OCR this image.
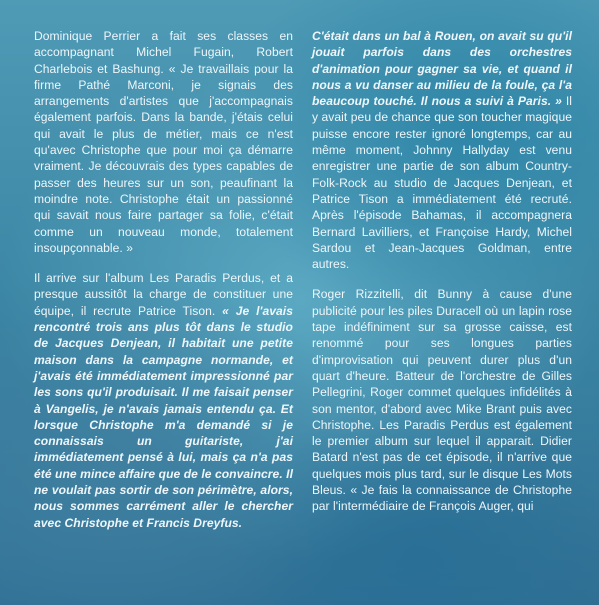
Dominique Perrier a fait ses classes en accompagnant Michel Fugain, Robert Charlebois et Bashung. « Je travaillais pour la firme Pathé Marconi, je signais des arrangements d'artistes que j'accompagnais également parfois. Dans la bande, j'étais celui qui avait le plus de métier, mais ce n'est qu'avec Christophe que pour moi ça démarre vraiment. Je découvrais des types capables de passer des heures sur un son, peaufinant la moindre note. Christophe était un passionné qui savait nous faire partager sa folie, c'était comme un nouveau monde, totalement insoupçonnable. »

Il arrive sur l'album Les Paradis Perdus, et a presque aussitôt la charge de constituer une équipe, il recrute Patrice Tison. « Je l'avais rencontré trois ans plus tôt dans le studio de Jacques Denjean, il habitait une petite maison dans la campagne normande, et j'avais été immédiatement impressionné par les sons qu'il produisait. Il me faisait penser à Vangelis, je n'avais jamais entendu ça. Et lorsque Christophe m'a demandé si je connaissais un guitariste, j'ai immédiatement pensé à lui, mais ça n'a pas été une mince affaire que de le convaincre. Il ne voulait pas sortir de son périmètre, alors, nous sommes carrément aller le chercher avec Christophe et Francis Dreyfus.

C'était dans un bal à Rouen, on avait su qu'il jouait parfois dans des orchestres d'animation pour gagner sa vie, et quand il nous a vu danser au milieu de la foule, ça l'a beaucoup touché. Il nous a suivi à Paris. » Il y avait peu de chance que son toucher magique puisse encore rester ignoré longtemps, car au même moment, Johnny Hallyday est venu enregistrer une partie de son album Country-Folk-Rock au studio de Jacques Denjean, et Patrice Tison a immédiatement été recruté. Après l'épisode Bahamas, il accompagnera Bernard Lavilliers, et Françoise Hardy, Michel Sardou et Jean-Jacques Goldman, entre autres.

Roger Rizzitelli, dit Bunny à cause d'une publicité pour les piles Duracell où un lapin rose tape indéfiniment sur sa grosse caisse, est renommé pour ses longues parties d'improvisation qui peuvent durer plus d'un quart d'heure. Batteur de l'orchestre de Gilles Pellegrini, Roger commet quelques infidélités à son mentor, d'abord avec Mike Brant puis avec Christophe. Les Paradis Perdus est également le premier album sur lequel il apparait. Didier Batard n'est pas de cet épisode, il n'arrive que quelques mois plus tard, sur le disque Les Mots Bleus. « Je fais la connaissance de Christophe par l'intermédiaire de François Auger, qui
